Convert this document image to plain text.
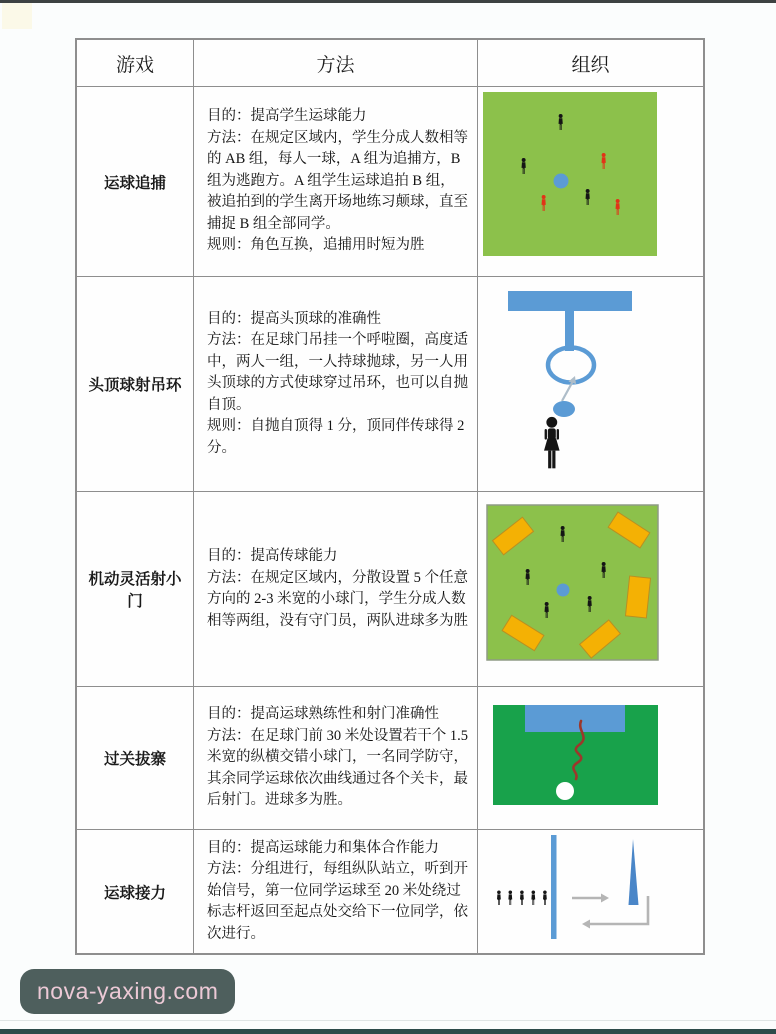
游戏	方法	组织
运球追捕

目的：提高学生运球能力

方法：在规定区域内，学生分成人数相等的 AB 组，每人一球，A 组为追捕方，B 组为逃跑方。A 组学生运球追拍 B 组，被追拍到的学生离开场地练习颠球，直至捕捉 B 组全部同学。

规则：角色互换，追捕用时短为胜

头顶球射吊环

目的：提高头顶球的准确性

方法：在足球门吊挂一个呼啦圈，高度适中，两人一组，一人持球抛球，另一人用头顶球的方式使球穿过吊环，也可以自抛自顶。

规则：自抛自顶得 1 分，顶同伴传球得 2 分。

机动灵活射小门

目的：提高传球能力

方法：在规定区域内，分散设置 5 个任意方向的 2-3 米宽的小球门，学生分成人数相等两组，没有守门员，两队进球多为胜

过关拔寨

目的：提高运球熟练性和射门准确性

方法：在足球门前 30 米处设置若干个 1.5 米宽的纵横交错小球门，一名同学防守，其余同学运球依次曲线通过各个关卡，最后射门。进球多为胜。

运球接力

目的：提高运球能力和集体合作能力

方法：分组进行，每组纵队站立，听到开始信号，第一位同学运球至 20 米处绕过标志杆返回至起点处交给下一位同学，依次进行。

nova-yaxing.com
